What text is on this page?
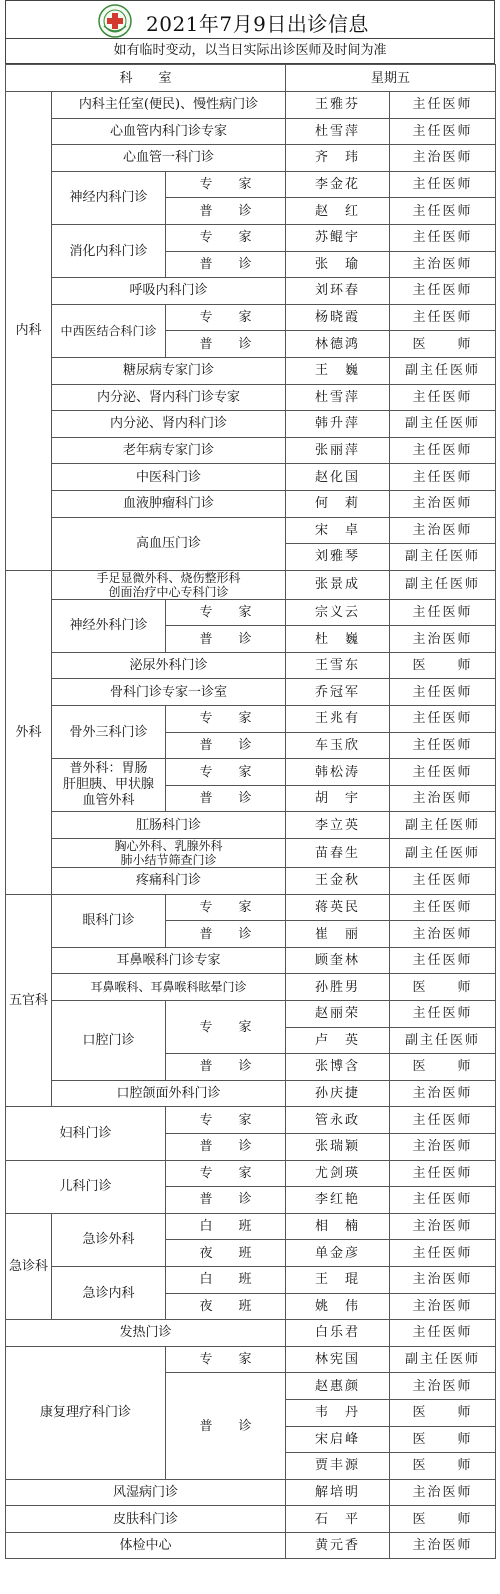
2021年7月9日出诊信息
如有临时变动，以当日实际出诊医师及时间为准
科　　室			星期五	
内科	内科主任室(便民)、慢性病门诊		王雅芬	主任医师
	心血管内科门诊专家		杜雪萍	主任医师
	心血管一科门诊		齐　玮	主治医师
	神经内科门诊	专　　家	李金花	主任医师
		普　　诊	赵　红	主任医师
	消化内科门诊	专　　家	苏鲲宇	主任医师
		普　　诊	张　瑜	主治医师
	呼吸内科门诊		刘环春	主任医师
	中西医结合科门诊	专　　家	杨晓霞	主任医师
		普　　诊	林德鸿	医　　师
	糖尿病专家门诊		王　巍	副主任医师
	内分泌、肾内科门诊专家		杜雪萍	主任医师
	内分泌、肾内科门诊		韩升萍	副主任医师
	老年病专家门诊		张丽萍	主任医师
	中医科门诊		赵化国	主任医师
	血液肿瘤科门诊		何　莉	主治医师
	高血压门诊		宋　卓	主治医师
			刘雅琴	副主任医师
外科	手足显微外科、烧伤整形科
创面治疗中心专科门诊		张景成	副主任医师
	神经外科门诊	专　　家	宗义云	主任医师
		普　　诊	杜　巍	主治医师
	泌尿外科门诊		王雪东	医　　师
	骨科门诊专家一诊室		乔冠军	主任医师
	骨外三科门诊	专　　家	王兆有	主任医师
		普　　诊	车玉欣	主任医师
	普外科：胃肠
肝胆胰、甲状腺
血管外科	专　　家	韩松涛	主任医师
		普　　诊	胡　宇	主治医师
	肛肠科门诊		李立英	副主任医师
	胸心外科、乳腺外科
肺小结节筛查门诊		苗春生	副主任医师
	疼痛科门诊		王金秋	主任医师
五官科	眼科门诊	专　　家	蒋英民	主任医师
		普　　诊	崔　丽	主治医师
	耳鼻喉科门诊专家		顾奎林	主任医师
	耳鼻喉科、耳鼻喉科眩晕门诊		孙胜男	医　　师
	口腔门诊	专　　家	赵丽荣	主任医师
			卢　英	副主任医师
		普　　诊	张博含	医　　师
	口腔颌面外科门诊		孙庆捷	主治医师
妇科门诊		专　　家	管永政	主任医师
		普　　诊	张瑞颖	主治医师
儿科门诊		专　　家	尤剑瑛	主任医师
		普　　诊	李红艳	主任医师
急诊科	急诊外科	白　　班	相　楠	主治医师
		夜　　班	单金彦	主任医师
	急诊内科	白　　班	王　琨	主治医师
		夜　　班	姚　伟	主治医师
发热门诊			白乐君	主任医师
康复理疗科门诊		专　　家	林宪国	副主任医师
		普　　诊	赵惠颜	主治医师
			韦　丹	医　　师
			宋启峰	医　　师
			贾丰源	医　　师
风湿病门诊			解培明	主治医师
皮肤科门诊			石　平	医　　师
体检中心			黄元香	主治医师
